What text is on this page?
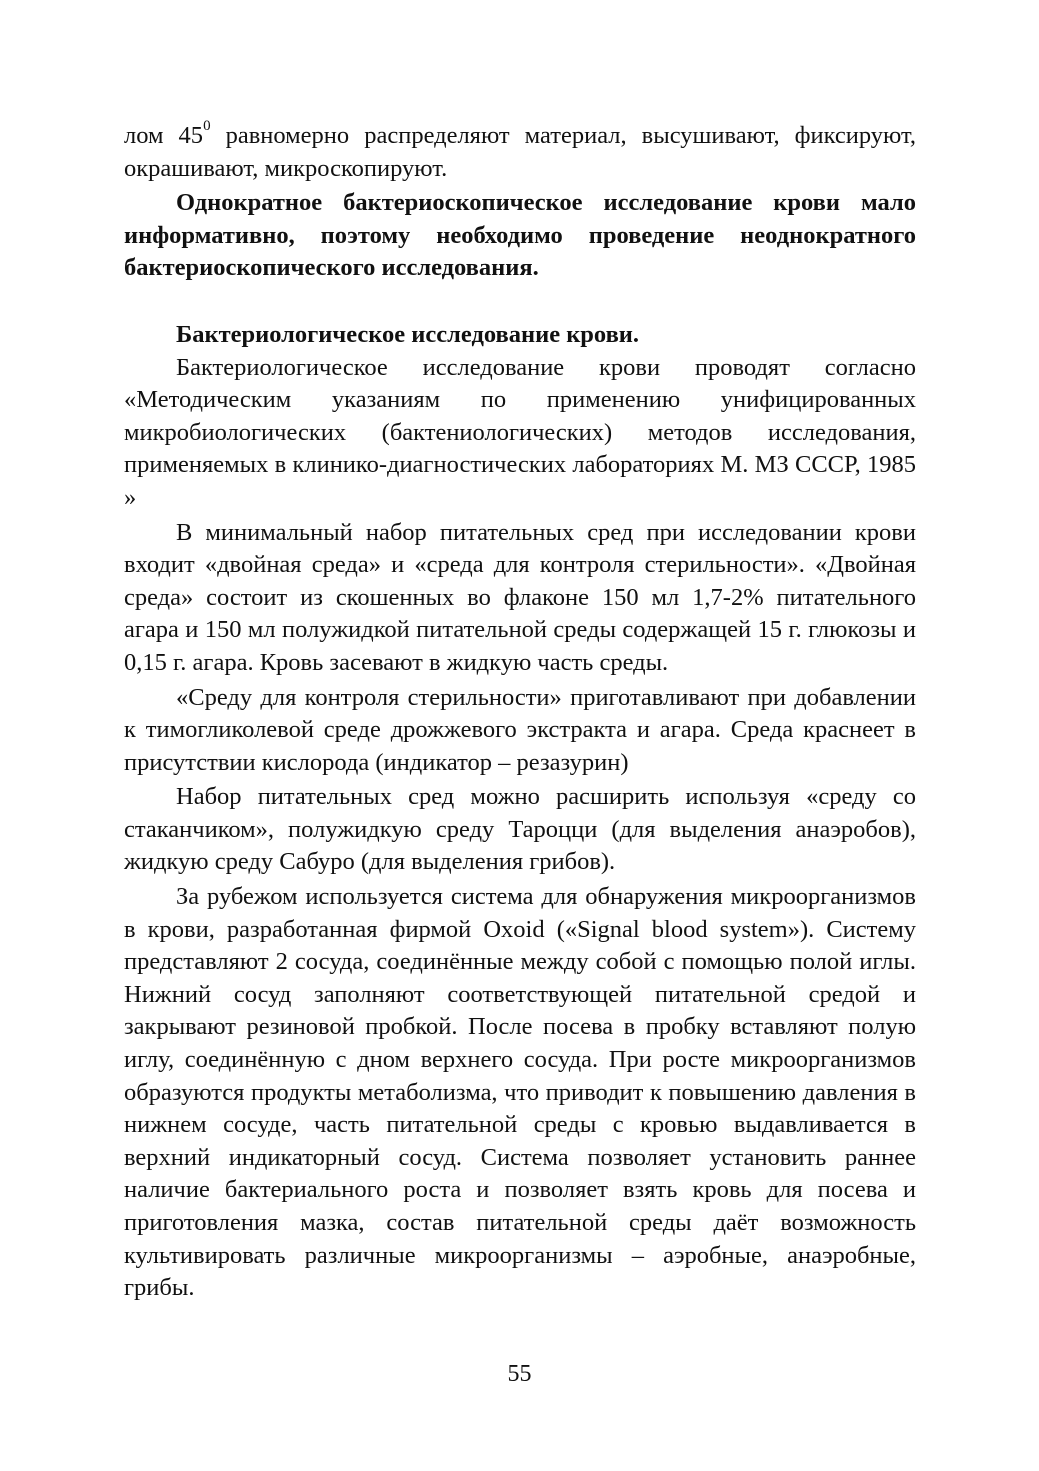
лом $45^0$ равномерно распределяют материал, высушивают, фиксируют, окрашивают, микроскопируют.

Однократное бактериоскопическое исследование крови мало информативно, поэтому необходимо проведение неоднократного бактериоскопического исследования.

Бактериологическое исследование крови.

Бактериологическое исследование крови проводят согласно «Методическим указаниям по применению унифицированных микробиологических (бактениологических) методов исследования, применяемых в клинико-диагностических лабораториях М. МЗ СССР, 1985 »

В минимальный набор питательных сред при исследовании крови входит «двойная среда» и «среда для контроля стерильности». «Двойная среда» состоит из скошенных во флаконе 150 мл 1,7-2% питательного агара и 150 мл полужидкой питательной среды содержащей 15 г. глюкозы и 0,15 г. агара. Кровь засевают в жидкую часть среды.

«Среду для контроля стерильности» приготавливают при добавлении к тимогликолевой среде дрожжевого экстракта и агара. Среда краснеет в присутствии кислорода (индикатор – резазурин)

Набор питательных сред можно расширить используя «среду со стаканчиком», полужидкую среду Тароцци (для выделения анаэробов), жидкую среду Сабуро (для выделения грибов).

За рубежом используется система для обнаружения микроорганизмов в крови, разработанная фирмой Oxoid («Signal blood system»). Систему представляют 2 сосуда, соединённые между собой с помощью полой иглы. Нижний сосуд заполняют соответствующей питательной средой и закрывают резиновой пробкой. После посева в пробку вставляют полую иглу, соединённую с дном верхнего сосуда. При росте микроорганизмов образуются продукты метаболизма, что приводит к повышению давления в нижнем сосуде, часть питательной среды с кровью выдавливается в верхний индикаторный сосуд. Система позволяет установить раннее наличие бактериального роста и позволяет взять кровь для посева и приготовления мазка, состав питательной среды даёт возможность культивировать различные микроорганизмы – аэробные, анаэробные, грибы.

55
